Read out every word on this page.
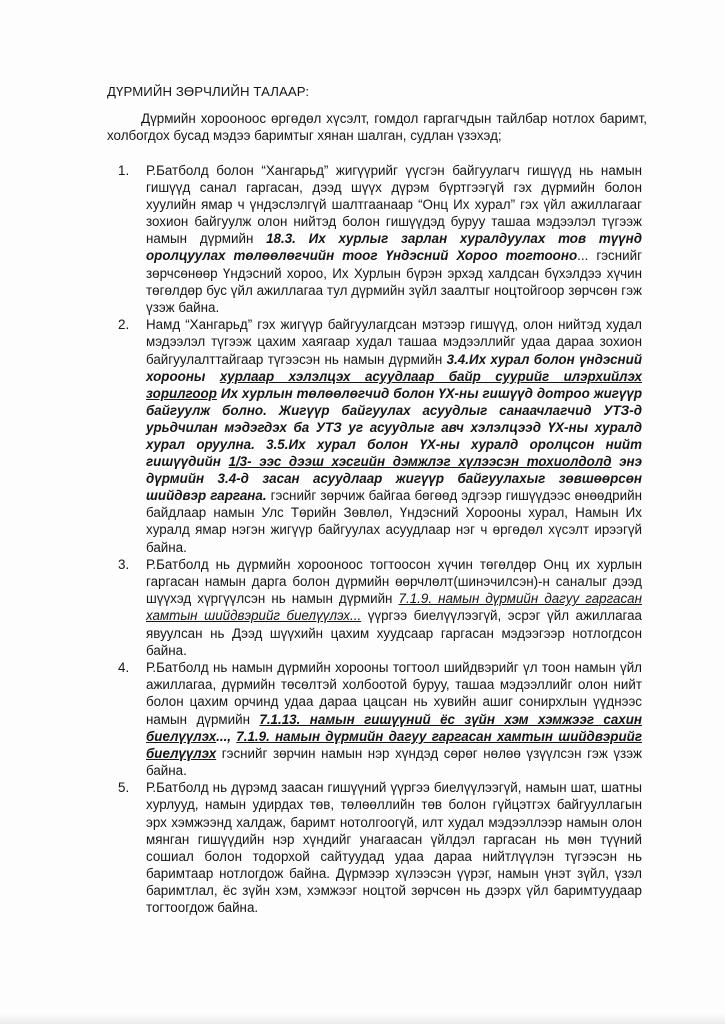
ДҮРМИЙН ЗӨРЧЛИЙН ТАЛААР:

Дүрмийн хорооноос өргөдөл хүсэлт, гомдол гаргагчдын тайлбар нотлох баримт, холбогдох бусад мэдээ баримтыг хянан шалган, судлан үзэхэд;

1. Р.Батболд болон “Хангарьд” жигүүрийг үүсгэн байгуулагч гишүүд нь намын гишүүд санал гаргасан, дээд шүүх дүрэм бүртгээгүй гэх дүрмийн болон хуулийн ямар ч үндэслэлгүй шалтгаанаар “Онц Их хурал” гэх үйл ажиллагааг зохион байгуулж олон нийтэд болон гишүүдэд буруу ташаа мэдээлэл түгээж намын дүрмийн 18.3. Их хурлыг зарлан хуралдуулах тов түүнд оролцуулах төлөөлөгчийн тоог Үндэсний Хороо тогтооно... гэснийг зөрчсөнөөр Үндэсний хороо, Их Хурлын бүрэн эрхэд халдсан бүхэлдээ хүчин төгөлдөр бус үйл ажиллагаа тул дүрмийн зүйл заалтыг ноцтойгоор зөрчсөн гэж үзэж байна.
2. Намд “Хангарьд” гэх жигүүр байгуулагдсан мэтээр гишүүд, олон нийтэд худал мэдээлэл түгээж цахим хаягаар худал ташаа мэдээллийг удаа дараа зохион байгуулалттайгаар түгээсэн нь намын дүрмийн 3.4.Их хурал болон үндэсний хорооны хурлаар хэлэлцэх асуудлаар байр суурийг илэрхийлэх зорилгоор Их хурлын төлөөлөгчид болон ҮХ-ны гишүүд дотроо жигүүр байгуулж болно. Жигүүр байгуулах асуудлыг санаачлагчид УТЗ-д урьдчилан мэдэгдэх ба УТЗ уг асуудлыг авч хэлэлцээд ҮХ-ны хуралд хурал оруулна. 3.5.Их хурал болон ҮХ-ны хуралд оролцсон нийт гишүүдийн 1/3- ээс дээш хэсгийн дэмжлэг хүлээсэн тохиолдолд энэ дүрмийн 3.4-д засан асуудлаар жигүүр байгуулахыг зөвшөөрсөн шийдвэр гаргана. гэснийг зөрчиж байгаа бөгөөд эдгээр гишүүдээс өнөөдрийн байдлаар намын Улс Төрийн Зөвлөл, Үндэсний Хорооны хурал, Намын Их хуралд ямар нэгэн жигүүр байгуулах асуудлаар нэг ч өргөдөл хүсэлт ирээгүй байна.
3. Р.Батболд нь дүрмийн хорооноос тогтоосон хүчин төгөлдөр Онц их хурлын гаргасан намын дарга болон дүрмийн өөрчлөлт(шинэчилсэн)-н саналыг дээд шүүхэд хүргүүлсэн нь намын дүрмийн 7.1.9. намын дүрмийн дагуу гаргасан хамтын шийдвэрийг биелүүлэх... үүргээ биелүүлээгүй, эсрэг үйл ажиллагаа явуулсан нь Дээд шүүхийн цахим хуудсаар гаргасан мэдээгээр нотлогдсон байна.
4. Р.Батболд нь намын дүрмийн хорооны тогтоол шийдвэрийг үл тоон намын үйл ажиллагаа, дүрмийн төсөлтэй холбоотой буруу, ташаа мэдээллийг олон нийт болон цахим орчинд удаа дараа цацсан нь хувийн ашиг сонирхлын үүднээс намын дүрмийн 7.1.13. намын гишүүний ёс зүйн хэм хэмжээг сахин биелүүлэх..., 7.1.9. намын дүрмийн дагуу гаргасан хамтын шийдвэрийг биелүүлэх гэснийг зөрчин намын нэр хүндэд сөрөг нөлөө үзүүлсэн гэж үзэж байна.
5. Р.Батболд нь дүрэмд заасан гишүүний үүргээ биелүүлээгүй, намын шат, шатны хурлууд, намын удирдах төв, төлөөллийн төв болон гүйцэтгэх байгууллагын эрх хэмжээнд халдаж, баримт нотолгоогүй, илт худал мэдээллээр намын олон мянган гишүүдийн нэр хүндийг унагаасан үйлдэл гаргасан нь мөн түүний сошиал болон тодорхой сайтуудад удаа дараа нийтлүүлэн түгээсэн нь баримтаар нотлогдож байна. Дүрмээр хүлээсэн үүрэг, намын үнэт зүйл, үзэл баримтлал, ёс зүйн хэм, хэмжээг ноцтой зөрчсөн нь дээрх үйл баримтуудаар тогтоогдож байна.
